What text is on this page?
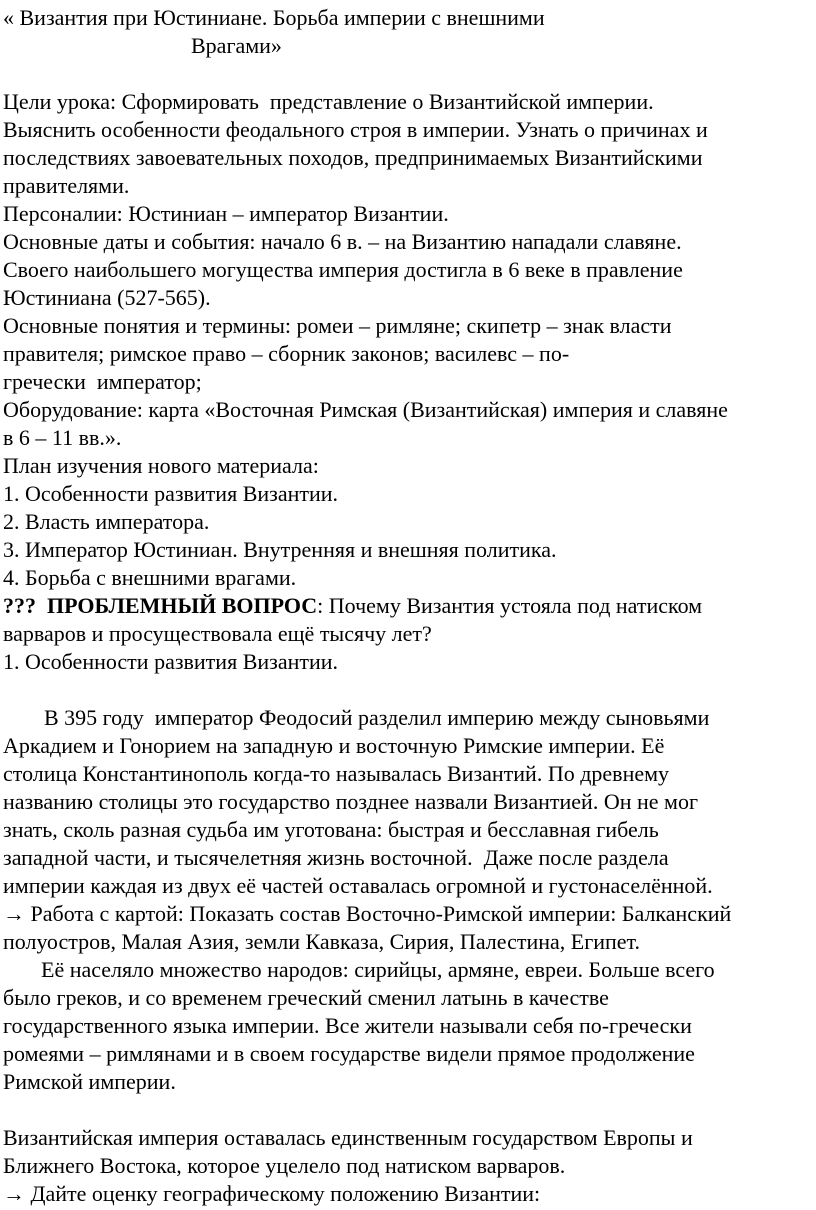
« Византия при Юстиниане. Борьба империи с внешними
Врагами»
Цели урока: Сформировать  представление о Византийской империи.
Выяснить особенности феодального строя в империи. Узнать о причинах и
последствиях завоевательных походов, предпринимаемых Византийскими
правителями.
Персоналии: Юстиниан – император Византии.
Основные даты и события: начало 6 в. – на Византию нападали славяне.
Своего наибольшего могущества империя достигла в 6 веке в правление
Юстиниана (527-565).
Основные понятия и термины: ромеи – римляне; скипетр – знак власти
правителя; римское право – сборник законов; василевс – по-
гречески  император;
Оборудование: карта «Восточная Римская (Византийская) империя и славяне
в 6 – 11 вв.».
План изучения нового материала:
1. Особенности развития Византии.
2. Власть императора.
3. Император Юстиниан. Внутренняя и внешняя политика.
4. Борьба с внешними врагами.
???  ПРОБЛЕМНЫЙ ВОПРОС: Почему Византия устояла под натиском
варваров и просуществовала ещё тысячу лет?
1. Особенности развития Византии.
В 395 году  император Феодосий разделил империю между сыновьями
Аркадием и Гонорием на западную и восточную Римские империи. Её
столица Константинополь когда-то называлась Византий. По древнему
названию столицы это государство позднее назвали Византией. Он не мог
знать, сколь разная судьба им уготована: быстрая и бесславная гибель
западной части, и тысячелетняя жизнь восточной.  Даже после раздела
империи каждая из двух её частей оставалась огромной и густонаселённой.
→ Работа с картой: Показать состав Восточно-Римской империи: Балканский
полуостров, Малая Азия, земли Кавказа, Сирия, Палестина, Египет.
Её населяло множество народов: сирийцы, армяне, евреи. Больше всего
было греков, и со временем греческий сменил латынь в качестве
государственного языка империи. Все жители называли себя по-гречески
ромеями – римлянами и в своем государстве видели прямое продолжение
Римской империи.
Византийская империя оставалась единственным государством Европы и
Ближнего Востока, которое уцелело под натиском варваров.
→ Дайте оценку географическому положению Византии:
